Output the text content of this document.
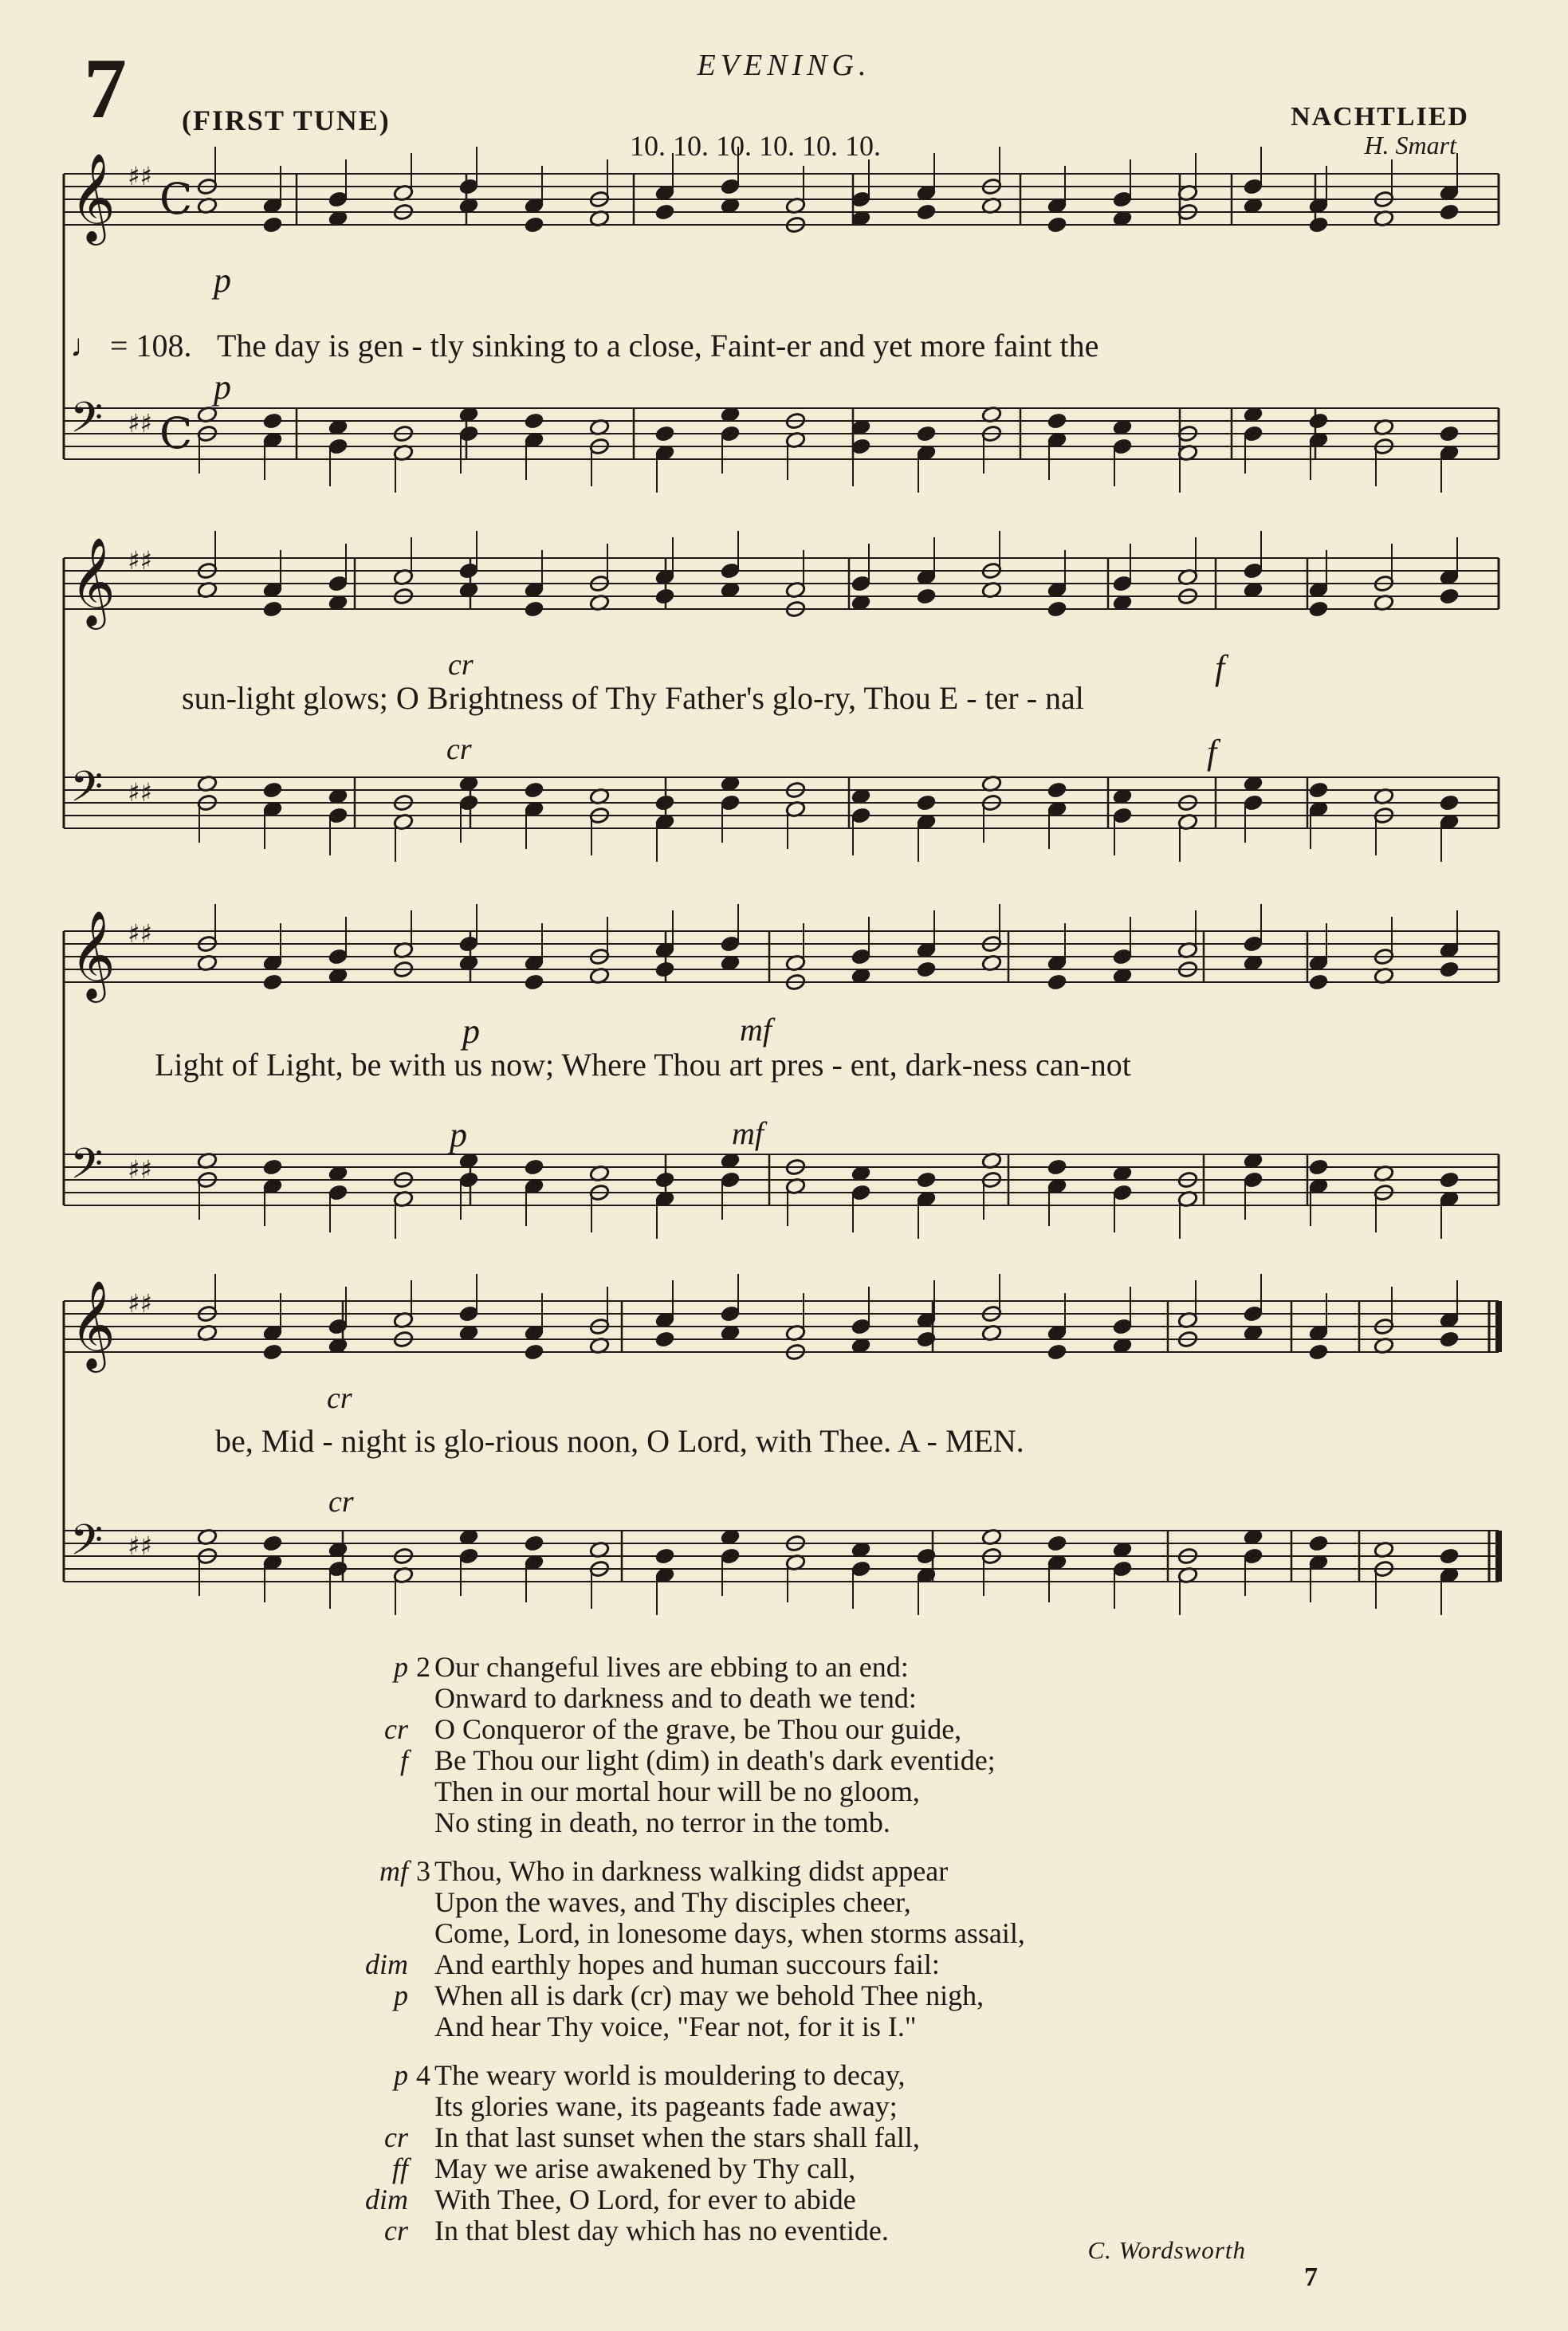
7	EVENING.
(FIRST TUNE)
10. 10. 10. 10. 10. 10.
NACHTLIED
H. Smart
𝄞 ♯♯ C
𝄢 ♯♯ C
𝄞 ♯♯
𝄢 ♯♯
𝄞 ♯♯
𝄢 ♯♯
𝄞 ♯♯
𝄢 ♯♯
♩ = 108. The day is gen - tly sinking to a close, Faint-er and yet more faint the
sun-light glows; O Brightness of Thy Father's glo-ry, Thou E - ter - nal
Light of Light, be with us now; Where Thou art pres - ent, dark-ness can-not
be, Mid - night is glo-rious noon, O Lord, with Thee. A - MEN.
p
p
cr
cr
f
f
p	mf
p	mf
cr
cr
p 2 Our changeful lives are ebbing to an end:
Onward to darkness and to death we tend:
cr O Conqueror of the grave, be Thou our guide,
f Be Thou our light (dim) in death's dark eventide;
Then in our mortal hour will be no gloom,
No sting in death, no terror in the tomb.
mf 3 Thou, Who in darkness walking didst appear
Upon the waves, and Thy disciples cheer,
Come, Lord, in lonesome days, when storms assail,
dim And earthly hopes and human succours fail:
p When all is dark (cr) may we behold Thee nigh,
And hear Thy voice, "Fear not, for it is I."
p 4 The weary world is mouldering to decay,
Its glories wane, its pageants fade away;
cr In that last sunset when the stars shall fall,
ff May we arise awakened by Thy call,
dim With Thee, O Lord, for ever to abide
cr In that blest day which has no eventide.
C. Wordsworth
7
